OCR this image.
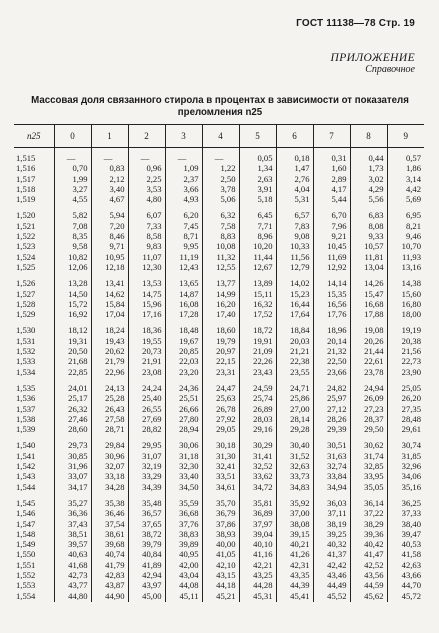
ГОСТ 11138—78 Стр. 19
ПРИЛОЖЕНИЕ
Справочное
Массовая доля связанного стирола в процентах в зависимости от показателя
преломления n25
n25	0	1	2	3	4	5	6	7	8	9
1,515	—	—	—	—	—	0,05	0,18	0,31	0,44	0,57
1,516	0,70	0,83	0,96	1,09	1,22	1,34	1,47	1,60	1,73	1,86
1,517	1,99	2,12	2,25	2,37	2,50	2,63	2,76	2,89	3,02	3,14
1,518	3,27	3,40	3,53	3,66	3,78	3,91	4,04	4,17	4,29	4,42
1,519	4,55	4,67	4,80	4,93	5,06	5,18	5,31	5,44	5,56	5,69
1,520	5,82	5,94	6,07	6,20	6,32	6,45	6,57	6,70	6,83	6,95
1,521	7,08	7,20	7,33	7,45	7,58	7,71	7,83	7,96	8,08	8,21
1,522	8,35	8,46	8,58	8,71	8,83	8,96	9,08	9,21	9,33	9,46
1,523	9,58	9,71	9,83	9,95	10,08	10,20	10,33	10,45	10,57	10,70
1,524	10,82	10,95	11,07	11,19	11,32	11,44	11,56	11,69	11,81	11,93
1,525	12,06	12,18	12,30	12,43	12,55	12,67	12,79	12,92	13,04	13,16
1,526	13,28	13,41	13,53	13,65	13,77	13,89	14,02	14,14	14,26	14,38
1,527	14,50	14,62	14,75	14,87	14,99	15,11	15,23	15,35	15,47	15,60
1,528	15,72	15,84	15,96	16,08	16,20	16,32	16,44	16,56	16,68	16,80
1,529	16,92	17,04	17,16	17,28	17,40	17,52	17,64	17,76	17,88	18,00
1,530	18,12	18,24	18,36	18,48	18,60	18,72	18,84	18,96	19,08	19,19
1,531	19,31	19,43	19,55	19,67	19,79	19,91	20,03	20,14	20,26	20,38
1,532	20,50	20,62	20,73	20,85	20,97	21,09	21,21	21,32	21,44	21,56
1,533	21,68	21,79	21,91	22,03	22,15	22,26	22,38	22,50	22,61	22,73
1,534	22,85	22,96	23,08	23,20	23,31	23,43	23,55	23,66	23,78	23,90
1,535	24,01	24,13	24,24	24,36	24,47	24,59	24,71	24,82	24,94	25,05
1,536	25,17	25,28	25,40	25,51	25,63	25,74	25,86	25,97	26,09	26,20
1,537	26,32	26,43	26,55	26,66	26,78	26,89	27,00	27,12	27,23	27,35
1,538	27,46	27,58	27,69	27,80	27,92	28,03	28,14	28,26	28,37	28,48
1,539	28,60	28,71	28,82	28,94	29,05	29,16	29,28	29,39	29,50	29,61
1,540	29,73	29,84	29,95	30,06	30,18	30,29	30,40	30,51	30,62	30,74
1,541	30,85	30,96	31,07	31,18	31,30	31,41	31,52	31,63	31,74	31,85
1,542	31,96	32,07	32,19	32,30	32,41	32,52	32,63	32,74	32,85	32,96
1,543	33,07	33,18	33,29	33,40	33,51	33,62	33,73	33,84	33,95	34,06
1,544	34,17	34,28	34,39	34,50	34,61	34,72	34,83	34,94	35,05	35,16
1,545	35,27	35,38	35,48	35,59	35,70	35,81	35,92	36,03	36,14	36,25
1,546	36,36	36,46	36,57	36,68	36,79	36,89	37,00	37,11	37,22	37,33
1,547	37,43	37,54	37,65	37,76	37,86	37,97	38,08	38,19	38,29	38,40
1,548	38,51	38,61	38,72	38,83	38,93	39,04	39,15	39,25	39,36	39,47
1,549	39,57	39,68	39,79	39,89	40,00	40,10	40,21	40,32	40,42	40,53
1,550	40,63	40,74	40,84	40,95	41,05	41,16	41,26	41,37	41,47	41,58
1,551	41,68	41,79	41,89	42,00	42,10	42,21	42,31	42,42	42,52	42,63
1,552	42,73	42,83	42,94	43,04	43,15	43,25	43,35	43,46	43,56	43,66
1,553	43,77	43,87	43,97	44,08	44,18	44,28	44,39	44,49	44,59	44,70
1,554	44,80	44,90	45,00	45,11	45,21	45,31	45,41	45,52	45,62	45,72
